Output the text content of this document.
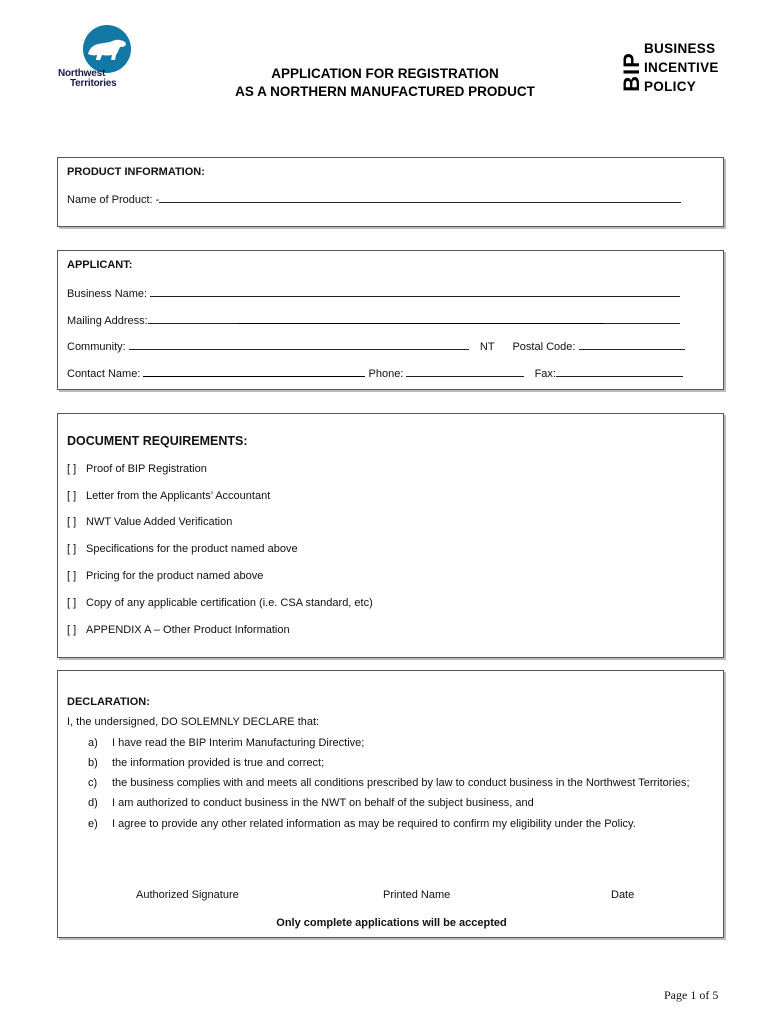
Northwest
Territories
APPLICATION FOR REGISTRATION
AS A NORTHERN MANUFACTURED PRODUCT	BIP
BUSINESS
INCENTIVE
POLICY
PRODUCT INFORMATION:
Name of Product: -
APPLICANT:
Business Name:
Mailing Address:
Community:	NT Postal Code:
Contact Name:	Phone:	Fax:
DOCUMENT REQUIREMENTS:
[ ] Proof of BIP Registration
[ ] Letter from the Applicants’ Accountant
[ ] NWT Value Added Verification
[ ] Specifications for the product named above
[ ] Pricing for the product named above
[ ] Copy of any applicable certification (i.e. CSA standard, etc)
[ ] APPENDIX A – Other Product Information
DECLARATION:
I, the undersigned, DO SOLEMNLY DECLARE that:
a) I have read the BIP Interim Manufacturing Directive;
b) the information provided is true and correct;
c) the business complies with and meets all conditions prescribed by law to conduct business in the Northwest Territories;
d) I am authorized to conduct business in the NWT on behalf of the subject business, and
e) I agree to provide any other related information as may be required to confirm my eligibility under the Policy.
Authorized Signature	Printed Name	Date
Only complete applications will be accepted
Page 1 of 5
